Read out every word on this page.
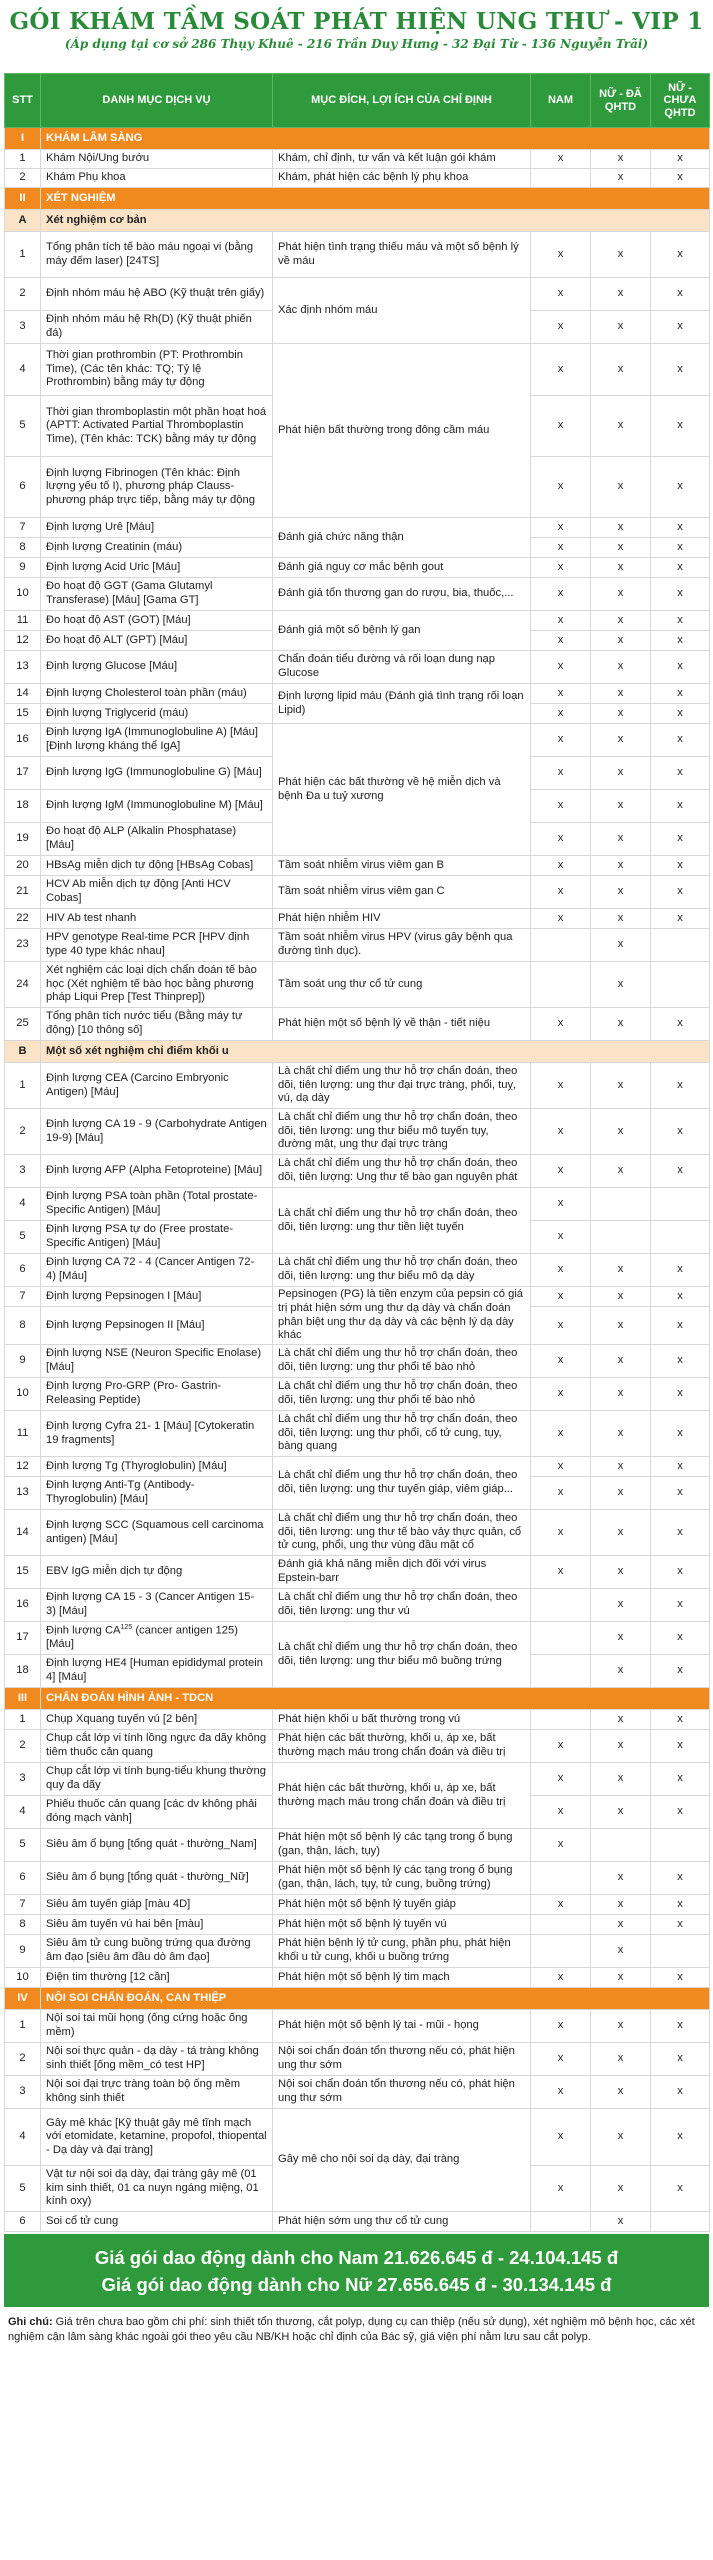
GÓI KHÁM TẦM SOÁT PHÁT HIỆN UNG THƯ - VIP 1
(Áp dụng tại cơ sở 286 Thụy Khuê - 216 Trần Duy Hưng - 32 Đại Từ - 136 Nguyễn Trãi)
STT	DANH MỤC DỊCH VỤ	MỤC ĐÍCH, LỢI ÍCH CỦA CHỈ ĐỊNH	NAM	NỮ - ĐÃ QHTD	NỮ - CHƯA QHTD
I	KHÁM LÂM SÀNG				
1	Khám Nội/Ung bướu	Khám, chỉ định, tư vấn và kết luận gói khám	x	x	x
2	Khám Phụ khoa	Khám, phát hiện các bệnh lý phụ khoa		x	x
II	XÉT NGHIỆM				
A	Xét nghiệm cơ bản				
1	Tổng phân tích tế bào máu ngoại vi (bằng máy đếm laser) [24TS]	Phát hiện tình trạng thiếu máu và một số bệnh lý về máu	x	x	x
2	Định nhóm máu hệ ABO (Kỹ thuật trên giấy)	Xác định nhóm máu	x	x	x
3	Định nhóm máu hệ Rh(D) (Kỹ thuật phiến đá)		x	x	x
4	Thời gian prothrombin (PT: Prothrombin Time), (Các tên khác: TQ; Tỷ lệ Prothrombin) bằng máy tự động	Phát hiện bất thường trong đông cầm máu	x	x	x
5	Thời gian thromboplastin một phần hoạt hoá (APTT: Activated Partial Thromboplastin Time), (Tên khác: TCK) bằng máy tự động		x	x	x
6	Định lượng Fibrinogen (Tên khác: Định lượng yếu tố I), phương pháp Clauss- phương pháp trực tiếp, bằng máy tự động		x	x	x
7	Định lượng Urê [Máu]	Đánh giá chức năng thận	x	x	x
8	Định lượng Creatinin (máu)		x	x	x
9	Định lượng Acid Uric [Máu]	Đánh giá nguy cơ mắc bệnh gout	x	x	x
10	Đo hoạt độ GGT (Gama Glutamyl Transferase) [Máu] [Gama GT]	Đánh giá tổn thương gan do rượu, bia, thuốc,...	x	x	x
11	Đo hoạt độ AST (GOT) [Máu]	Đánh giá một số bệnh lý gan	x	x	x
12	Đo hoạt độ ALT (GPT) [Máu]		x	x	x
13	Định lượng Glucose [Máu]	Chẩn đoán tiểu đường và rối loạn dung nạp Glucose	x	x	x
14	Định lượng Cholesterol toàn phần (máu)	Định lượng lipid máu (Đánh giá tình trạng rối loạn Lipid)	x	x	x
15	Định lượng Triglycerid (máu)		x	x	x
16	Định lượng IgA (Immunoglobuline A) [Máu] [Định lượng kháng thể IgA]	Phát hiện các bất thường về hệ miễn dịch và bệnh Đa u tuỷ xương	x	x	x
17	Định lượng IgG (Immunoglobuline G) [Máu]		x	x	x
18	Định lượng IgM (Immunoglobuline M) [Máu]		x	x	x
19	Đo hoạt độ ALP (Alkalin Phosphatase) [Máu]		x	x	x
20	HBsAg miễn dịch tự động [HBsAg Cobas]	Tầm soát nhiễm virus viêm gan B	x	x	x
21	HCV Ab miễn dịch tự động [Anti HCV Cobas]	Tầm soát nhiễm virus viêm gan C	x	x	x
22	HIV Ab test nhanh	Phát hiện nhiễm HIV	x	x	x
23	HPV genotype Real-time PCR [HPV định type 40 type khác nhau]	Tầm soát nhiễm virus HPV (virus gây bệnh qua đường tình dục).		x	
24	Xét nghiệm các loại dịch chẩn đoán tế bào học (Xét nghiệm tế bào học bằng phương pháp Liqui Prep [Test Thinprep])	Tầm soát ung thư cổ tử cung		x	
25	Tổng phân tích nước tiểu (Bằng máy tự động) [10 thông số]	Phát hiện một số bệnh lý về thận - tiết niệu	x	x	x
B	Một số xét nghiệm chỉ điểm khối u				
1	Định lượng CEA (Carcino Embryonic Antigen) [Máu]	Là chất chỉ điểm ung thư hỗ trợ chẩn đoán, theo dõi, tiên lượng: ung thư đại trực tràng, phổi, tuỵ, vú, dạ dày	x	x	x
2	Định lượng CA 19 - 9 (Carbohydrate Antigen 19-9) [Máu]	Là chất chỉ điểm ung thư hỗ trợ chẩn đoán, theo dõi, tiên lượng: ung thư biểu mô tuyến tụy, đường mật, ung thư đại trực tràng	x	x	x
3	Định lượng AFP (Alpha Fetoproteine) [Máu]	Là chất chỉ điểm ung thư hỗ trợ chẩn đoán, theo dõi, tiên lượng: Ung thư tế bào gan nguyên phát	x	x	x
4	Định lượng PSA toàn phần (Total prostate-Specific Antigen) [Máu]	Là chất chỉ điểm ung thư hỗ trợ chẩn đoán, theo dõi, tiên lượng: ung thư tiền liệt tuyến	x		
5	Định lượng PSA tự do (Free prostate-Specific Antigen) [Máu]		x		
6	Định lượng CA 72 - 4 (Cancer Antigen 72- 4) [Máu]	Là chất chỉ điểm ung thư hỗ trợ chẩn đoán, theo dõi, tiên lượng: ung thư biểu mô dạ dày	x	x	x
7	Định lượng Pepsinogen I [Máu]	Pepsinogen (PG) là tiền enzym của pepsin có giá trị phát hiện sớm ung thư dạ dày và chẩn đoán phân biệt ung thư dạ dày và các bệnh lý dạ dày khác	x	x	x
8	Định lượng Pepsinogen II [Máu]		x	x	x
9	Định lượng NSE (Neuron Specific Enolase) [Máu]	Là chất chỉ điểm ung thư hỗ trợ chẩn đoán, theo dõi, tiên lượng: ung thư phổi tế bào nhỏ	x	x	x
10	Định lượng Pro-GRP (Pro- Gastrin-Releasing Peptide)	Là chất chỉ điểm ung thư hỗ trợ chẩn đoán, theo dõi, tiên lượng: ung thư phổi tế bào nhỏ	x	x	x
11	Định lượng Cyfra 21- 1 [Máu] [Cytokeratin 19 fragments]	Là chất chỉ điểm ung thư hỗ trợ chẩn đoán, theo dõi, tiên lượng: ung thư phổi, cổ tử cung, tụy, bàng quang	x	x	x
12	Định lượng Tg (Thyroglobulin) [Máu]	Là chất chỉ điểm ung thư hỗ trợ chẩn đoán, theo dõi, tiên lượng: ung thư tuyến giáp, viêm giáp...	x	x	x
13	Định lượng Anti-Tg (Antibody- Thyroglobulin) [Máu]		x	x	x
14	Định lượng SCC (Squamous cell carcinoma antigen) [Máu]	Là chất chỉ điểm ung thư hỗ trợ chẩn đoán, theo dõi, tiên lượng: ung thư tế bào vảy thực quản, cổ tử cung, phổi, ung thư vùng đầu mặt cổ	x	x	x
15	EBV IgG miễn dịch tự động	Đánh giá khả năng miễn dịch đối với virus Epstein-barr	x	x	x
16	Định lượng CA 15 - 3 (Cancer Antigen 15- 3) [Máu]	Là chất chỉ điểm ung thư hỗ trợ chẩn đoán, theo dõi, tiên lượng: ung thư vú		x	x
17	Định lượng CA$^{125}$ (cancer antigen 125) [Máu]	Là chất chỉ điểm ung thư hỗ trợ chẩn đoán, theo dõi, tiên lượng: ung thư biểu mô buồng trứng		x	x
18	Định lượng HE4 [Human epididymal protein 4] [Máu]			x	x
III	CHẨN ĐOÁN HÌNH ẢNH - TDCN				
1	Chụp Xquang tuyến vú [2 bên]	Phát hiện khối u bất thường trong vú		x	x
2	Chụp cắt lớp vi tính lồng ngực đa dãy không tiêm thuốc cản quang	Phát hiện các bất thường, khối u, áp xe, bất thường mạch máu trong chẩn đoán và điều trị	x	x	x
3	Chụp cắt lớp vi tính bụng-tiểu khung thường quy đa dãy	Phát hiện các bất thường, khối u, áp xe, bất thường mạch máu trong chẩn đoán và điều trị	x	x	x
4	Phiếu thuốc cản quang [các dv không phải đóng mạch vành]		x	x	x
5	Siêu âm ổ bụng [tổng quát - thường_Nam]	Phát hiện một số bệnh lý các tạng trong ổ bụng (gan, thận, lách, tụy)	x		
6	Siêu âm ổ bụng [tổng quát - thường_Nữ]	Phát hiện một số bệnh lý các tạng trong ổ bụng (gan, thận, lách, tụy, tử cung, buồng trứng)		x	x
7	Siêu âm tuyến giáp [màu 4D]	Phát hiện một số bệnh lý tuyến giáp	x	x	x
8	Siêu âm tuyến vú hai bên [màu]	Phát hiện một số bệnh lý tuyến vú		x	x
9	Siêu âm tử cung buồng trứng qua đường âm đạo [siêu âm đầu dò âm đạo]	Phát hiện bệnh lý tử cung, phần phụ, phát hiện khối u tử cung, khối u buồng trứng		x	
10	Điện tim thường [12 cần]	Phát hiện một số bệnh lý tim mạch	x	x	x
IV	NỘI SOI CHẨN ĐOÁN, CAN THIỆP				
1	Nội soi tai mũi họng (ống cứng hoặc ống mềm)	Phát hiện một số bệnh lý tai - mũi - họng	x	x	x
2	Nội soi thực quản - dạ dày - tá tràng không sinh thiết [ống mềm_có test HP]	Nội soi chẩn đoán tổn thương nếu có, phát hiện ung thư sớm	x	x	x
3	Nội soi đại trực tràng toàn bộ ống mềm không sinh thiết	Nội soi chẩn đoán tổn thương nếu có, phát hiện ung thư sớm	x	x	x
4	Gây mê khác [Kỹ thuật gây mê tĩnh mạch với etomidate, ketamine, propofol, thiopental - Dạ dày và đại tràng]	Gây mê cho nội soi dạ dày, đại tràng	x	x	x
5	Vật tư nội soi dạ dày, đại tràng gây mê (01 kim sinh thiết, 01 ca nuyn ngáng miệng, 01 kính oxy)		x	x	x
6	Soi cổ tử cung	Phát hiện sớm ung thư cổ tử cung		x	
Giá gói dao động dành cho Nam 21.626.645 đ - 24.104.145 đ
Giá gói dao động dành cho Nữ 27.656.645 đ - 30.134.145 đ
Ghi chú: Giá trên chưa bao gồm chi phí: sinh thiết tổn thương, cắt polyp, dụng cụ can thiệp (nếu sử dụng), xét nghiệm mô bệnh học, các xét nghiệm cận lâm sàng khác ngoài gói theo yêu cầu NB/KH hoặc chỉ định của Bác sỹ, giá viện phí nằm lưu sau cắt polyp.
